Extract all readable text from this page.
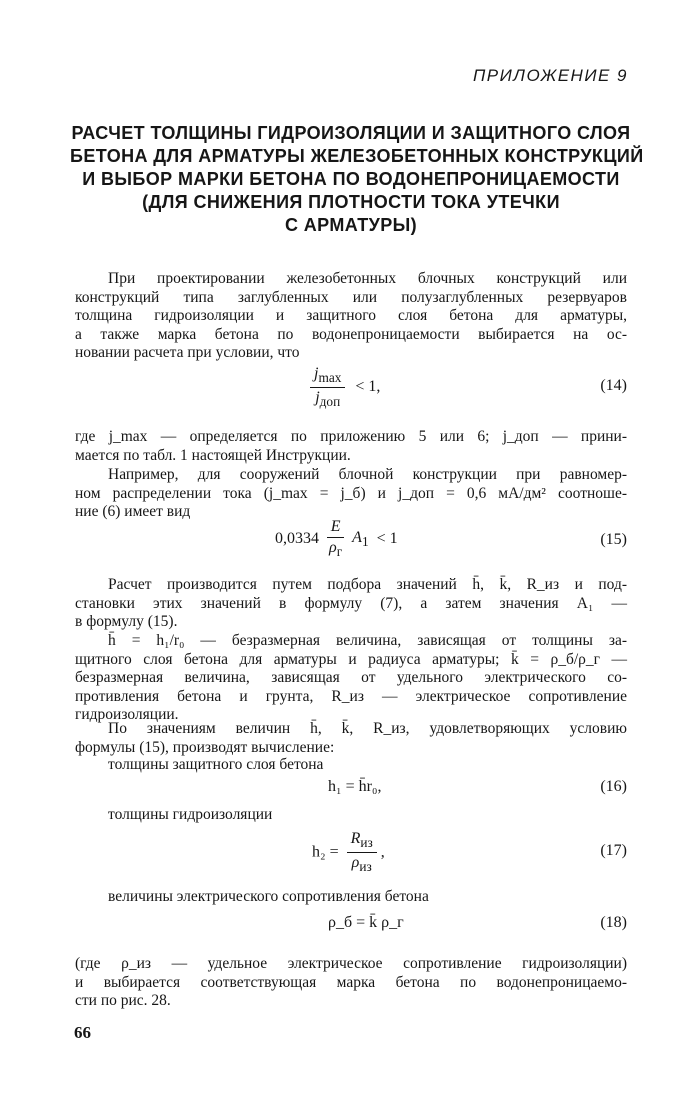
ПРИЛОЖЕНИЕ 9
РАСЧЕТ ТОЛЩИНЫ ГИДРОИЗОЛЯЦИИ И ЗАЩИТНОГО СЛОЯ
БЕТОНА ДЛЯ АРМАТУРЫ ЖЕЛЕЗОБЕТОННЫХ КОНСТРУКЦИЙ
И ВЫБОР МАРКИ БЕТОНА ПО ВОДОНЕПРОНИЦАЕМОСТИ
(ДЛЯ СНИЖЕНИЯ ПЛОТНОСТИ ТОКА УТЕЧКИ
С АРМАТУРЫ)
При проектировании железобетонных блочных конструкций или
конструкций типа заглубленных или полузаглубленных резервуаров
толщина гидроизоляции и защитного слоя бетона для арматуры,
а также марка бетона по водонепроницаемости выбирается на ос-
новании расчета при условии, что
$\frac{j_{max}}{j_{доп}} < 1$,	(14)
где j_max — определяется по приложению 5 или 6; j_доп — прини-
мается по табл. 1 настоящей Инструкции.
Например, для сооружений блочной конструкции при равномер-
ном распределении тока (j_max = j_б) и j_доп = 0,6 мА/дм² соотноше-
ние (6) имеет вид
$0,0334 \frac{E}{\rho_г} A_1 < 1$	(15)
Расчет производится путем подбора значений h̄, k̄, R_из и под-
становки этих значений в формулу (7), а затем значения A₁ —
в формулу (15).
h̄ = h₁/r₀ — безразмерная величина, зависящая от толщины за-
щитного слоя бетона для арматуры и радиуса арматуры; k̄ = ρ_б/ρ_г —
безразмерная величина, зависящая от удельного электрического со-
противления бетона и грунта, R_из — электрическое сопротивление
гидроизоляции.
По значениям величин h̄, k̄, R_из, удовлетворяющих условию
формулы (15), производят вычисление:
толщины защитного слоя бетона
h₁ = h̄r₀,	(16)
толщины гидроизоляции
$h_2 = \frac{R_{из}}{\rho_{из}}$ ,	(17)
величины электрического сопротивления бетона
ρ_б = k̄ ρ_г	(18)
(где ρ_из — удельное электрическое сопротивление гидроизоляции)
и выбирается соответствующая марка бетона по водонепроницаемо-
сти по рис. 28.
66
